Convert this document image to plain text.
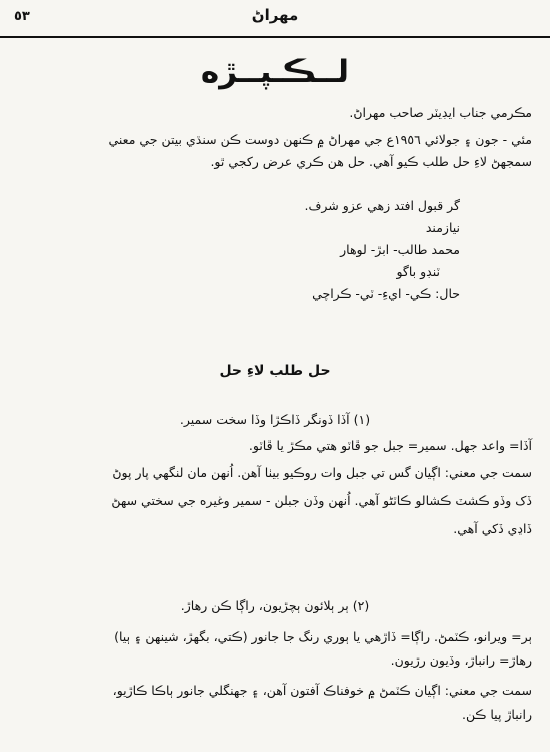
٥٣	مهراڻ
لــڪـپــڙه
مڪرمي جناب ايڊيٽر صاحب مهراڻ.
مئي - جون ۽ جولائي ١٩٥٦ع جي مهراڻ ۾ ڪنهن دوست ڪن سنڌي بيتن جي معني
سمجهڻ لاءِ حل طلب ڪيو آهي. حل هن ڪري عرض رکجي ٿو.
گر قبول افتد زهي عزو شرف.
نيازمند
محمد طالب- ابڙ- لوهار
ٽنڊو باگو
حال: ڪي- ايءِ- ٽي- ڪراچي
حل طلب لاءِ حل
(١) آڏا ڏونگر ڏاڪڙا وڏا سخت سمير.
آڏا= واعد جهل. سمير= جبل جو ڦاٽو هتي مڪڙ يا ڦاٽو.
سمت جي معني: اڳيان گس تي جبل وات روڪيو بيٺا آهن. اُنهن مان لنگهي پار پوڻ
ڏک وڏو ڪشٽ ڪشالو ڪاٽڻو آهي. اُنهن وڏن جبلن - سمير وغيره جي سختي سهڻ
ڏاڍي ڏکي آهي.
(٢) ٻر ٻلائون ٻچڙيون، راڳا ڪن رهاڙ.
ٻر= ويرانو، ڪٽمڻ. راڳا= ڏاڙهي يا ٻوري رنگ جا جانور (ڪتي، بگهڙ، شينهن ۽ ٻيا)
رهاڙ= رانباڙ، وڏيون رڙيون.
سمت جي معني: اڳيان ڪٽمڻ ۾ خوفناڪ آفتون آهن، ۽ جهنگلي جانور ٻاڪا ڪاڙيو،
رانباڙ پيا ڪن.
